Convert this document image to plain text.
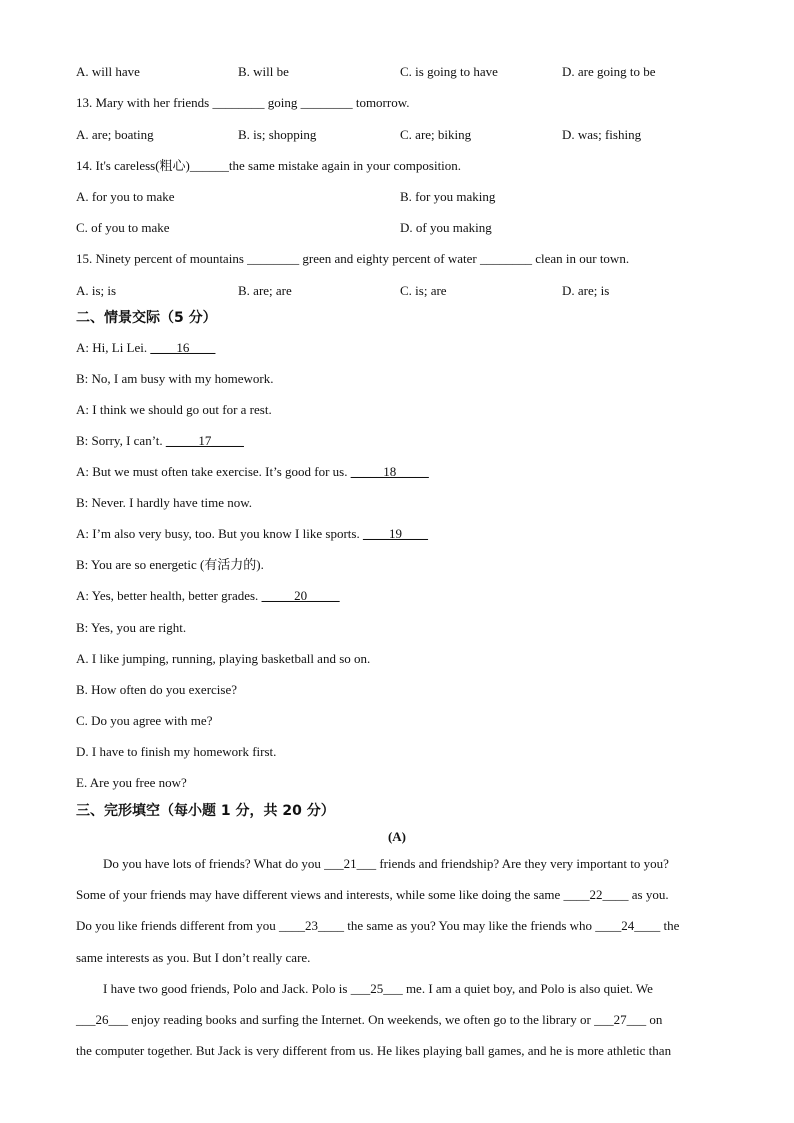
A. will have	B. will be	C. is going to have	D. are going to be
13. Mary with her friends ________ going ________ tomorrow.
A. are; boating	B. is; shopping	C. are; biking	D. was; fishing
14. It's careless(粗心)______the same mistake again in your composition.
A. for you to make	B. for you making
C. of you to make	D. of you making
15. Ninety percent of mountains ________ green and eighty percent of water ________ clean in our town.
A. is; is	B. are; are	C. is; are	D. are; is
二、情景交际（5 分）
A: Hi, Li Lei. ____16____
B: No, I am busy with my homework.
A: I think we should go out for a rest.
B: Sorry, I can’t. _____17_____
A: But we must often take exercise. It’s good for us. _____18_____
B: Never. I hardly have time now.
A: I’m also very busy, too. But you know I like sports. ____19____
B: You are so energetic (有活力的).
A: Yes, better health, better grades. _____20_____
B: Yes, you are right.
A. I like jumping, running, playing basketball and so on.
B. How often do you exercise?
C. Do you agree with me?
D. I have to finish my homework first.
E. Are you free now?
三、完形填空（每小题 1 分，共 20 分）
(A)
Do you have lots of friends? What do you ___21___ friends and friendship? Are they very important to you?
Some of your friends may have different views and interests, while some like doing the same ____22____ as you.
Do you like friends different from you ____23____ the same as you? You may like the friends who ____24____ the
same interests as you. But I don’t really care.
I have two good friends, Polo and Jack. Polo is ___25___ me. I am a quiet boy, and Polo is also quiet. We
___26___ enjoy reading books and surfing the Internet. On weekends, we often go to the library or ___27___ on
the computer together. But Jack is very different from us. He likes playing ball games, and he is more athletic than
